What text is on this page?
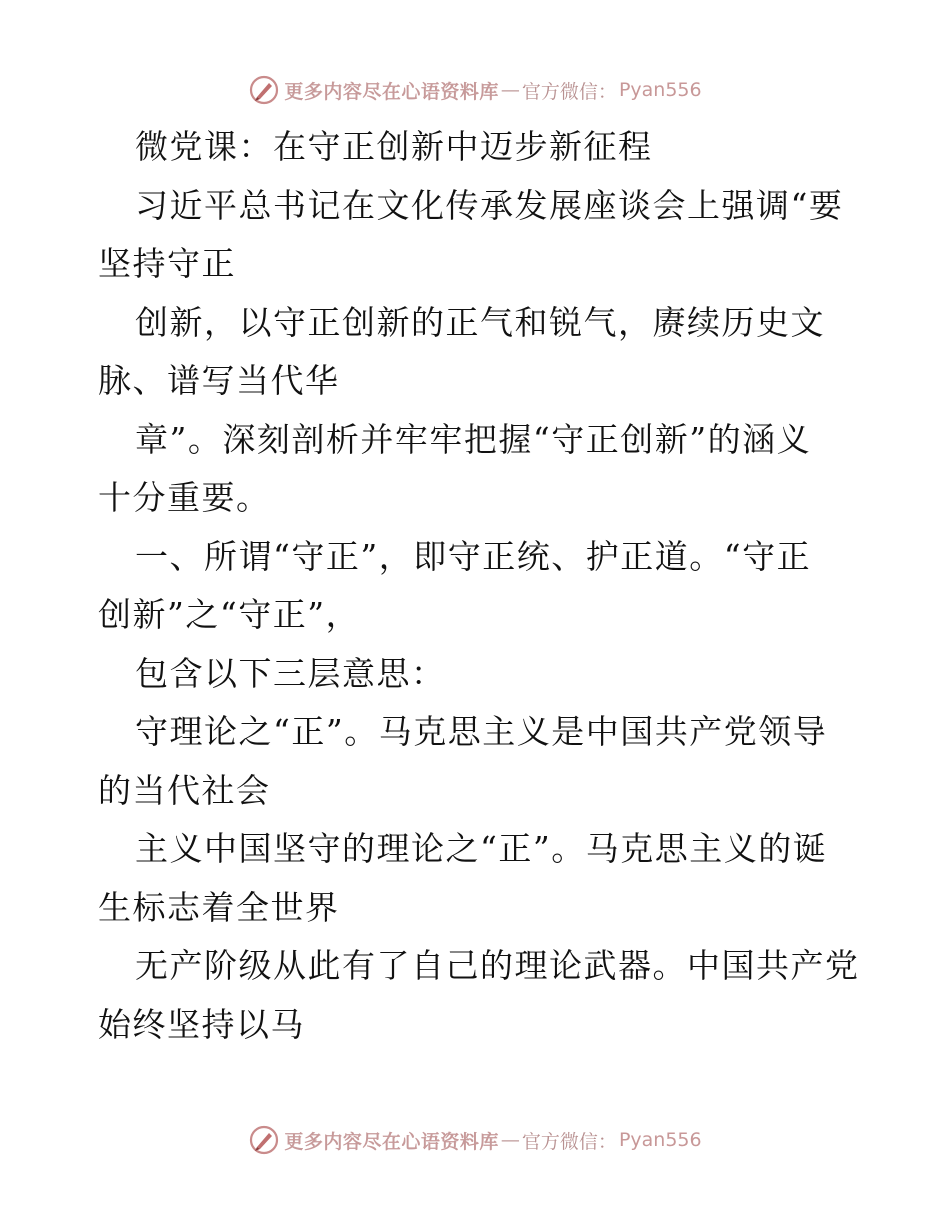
更多内容尽在心语资料库 — 官方微信： Pyan556
微党课：在守正创新中迈步新征程
习近平总书记在文化传承发展座谈会上强调“要
坚持守正
创新，以守正创新的正气和锐气，赓续历史文
脉、谱写当代华
章”。深刻剖析并牢牢把握“守正创新”的涵义
十分重要。
一、所谓“守正”，即守正统、护正道。“守正
创新”之“守正”，
包含以下三层意思：
守理论之“正”。马克思主义是中国共产党领导
的当代社会
主义中国坚守的理论之“正”。马克思主义的诞
生标志着全世界
无产阶级从此有了自己的理论武器。中国共产党
始终坚持以马
更多内容尽在心语资料库 — 官方微信： Pyan556
